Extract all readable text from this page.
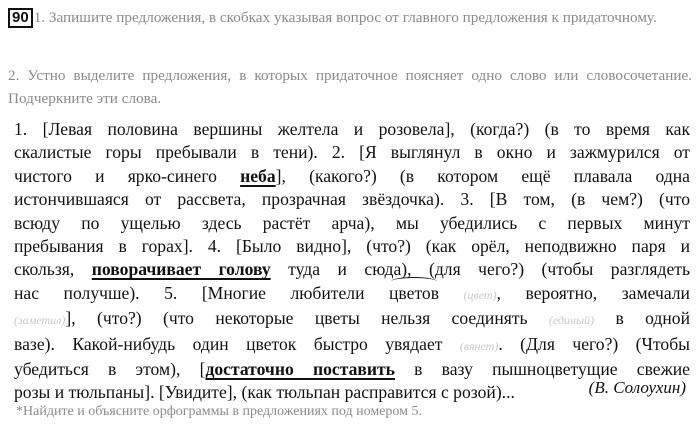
90 1. Запишите предложения, в скобках указывая вопрос от главного предложения к придаточному.
2. Устно выделите предложения, в которых придаточное поясняет одно слово или словосочетание. Подчеркните эти слова.
1. [Левая половина вершины желтела и розовела], (когда?) (в то время как
скалистые горы пребывали в тени). 2. [Я выглянул в окно и зажмурился от
чистого и ярко-синего неба], (какого?) (в котором ещё плавала одна
истончившаяся от рассвета, прозрачная звёздочка). 3. [В том, (в чем?) (что
всюду по ущелью здесь растёт арча), мы убедились с первых минут
пребывания в горах]. 4. [Было видно], (что?) (как орёл, неподвижно паря и
скользя, поворачивает голову туда и сюда), (для чего?) (чтобы разглядеть
нас получше). 5. [Многие любители цветов (цвет), вероятно, замечали
(заметил)], (что?) (что некоторые цветы нельзя соединять (единый) в одной
вазе). Какой-нибудь один цветок быстро увядает (вянет). (Для чего?) (Чтобы
убедиться в этом), [достаточно поставить в вазу пышноцветущие свежие
розы и тюльпаны]. [Увидите], (как тюльпан расправится с розой)...	(В. Солоухин)
*Найдите и объясните орфограммы в предложениях под номером 5.
